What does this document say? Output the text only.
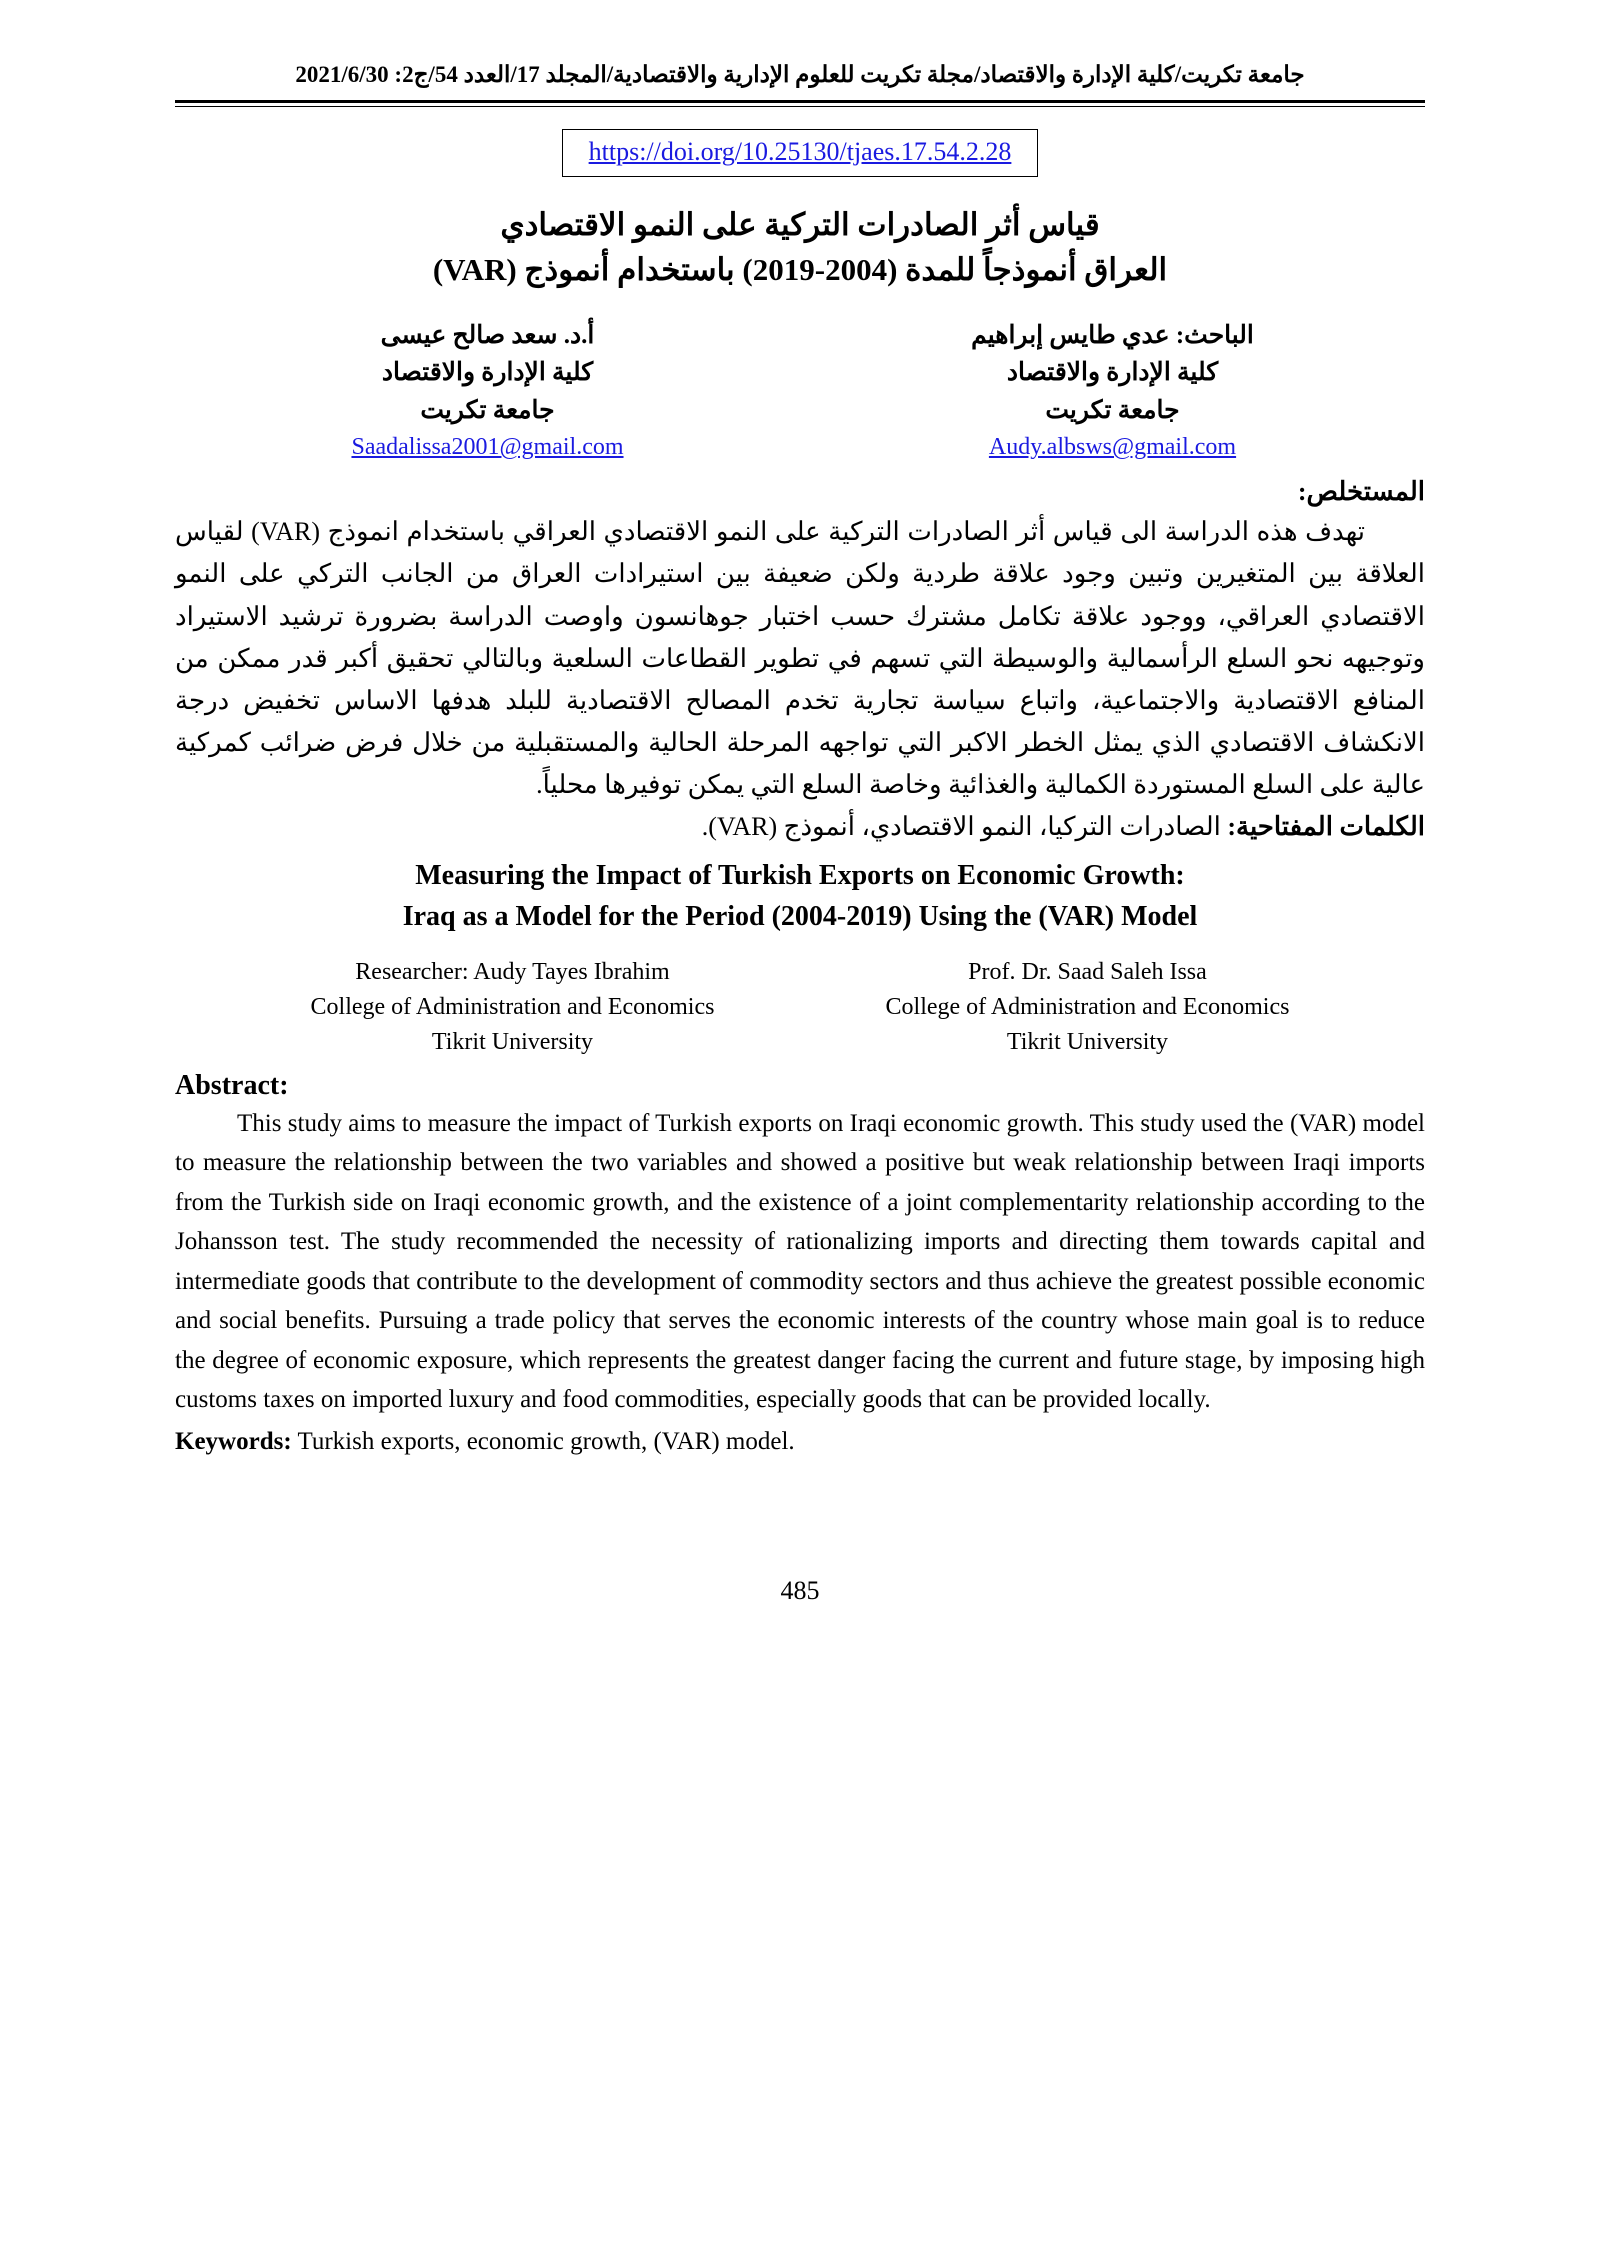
جامعة تكريت/كلية الإدارة والاقتصاد/مجلة تكريت للعلوم الإدارية والاقتصادية/المجلد 17/العدد 54/ج2: 2021/6/30
https://doi.org/10.25130/tjaes.17.54.2.28
قياس أثر الصادرات التركية على النمو الاقتصادي
العراق أنموذجاً للمدة (2004-2019) باستخدام أنموذج (VAR)
الباحث: عدي طايس إبراهيم
كلية الإدارة والاقتصاد
جامعة تكريت
Audy.albsws@gmail.com
أ.د. سعد صالح عيسى
كلية الإدارة والاقتصاد
جامعة تكريت
Saadalissa2001@gmail.com
المستخلص:
تهدف هذه الدراسة الى قياس أثر الصادرات التركية على النمو الاقتصادي العراقي باستخدام انموذج (VAR) لقياس العلاقة بين المتغيرين وتبين وجود علاقة طردية ولكن ضعيفة بين استيرادات العراق من الجانب التركي على النمو الاقتصادي العراقي، ووجود علاقة تكامل مشترك حسب اختبار جوهانسون واوصت الدراسة بضرورة ترشيد الاستيراد وتوجيهه نحو السلع الرأسمالية والوسيطة التي تسهم في تطوير القطاعات السلعية وبالتالي تحقيق أكبر قدر ممكن من المنافع الاقتصادية والاجتماعية، واتباع سياسة تجارية تخدم المصالح الاقتصادية للبلد هدفها الاساس تخفيض درجة الانكشاف الاقتصادي الذي يمثل الخطر الاكبر التي تواجهه المرحلة الحالية والمستقبلية من خلال فرض ضرائب كمركية عالية على السلع المستوردة الكمالية والغذائية وخاصة السلع التي يمكن توفيرها محلياً.
الكلمات المفتاحية: الصادرات التركيا، النمو الاقتصادي، أنموذج (VAR).
Measuring the Impact of Turkish Exports on Economic Growth:
Iraq as a Model for the Period (2004-2019) Using the (VAR) Model
Researcher: Audy Tayes Ibrahim
College of Administration and Economics
Tikrit University
Prof. Dr. Saad Saleh Issa
College of Administration and Economics
Tikrit University
Abstract:
This study aims to measure the impact of Turkish exports on Iraqi economic growth. This study used the (VAR) model to measure the relationship between the two variables and showed a positive but weak relationship between Iraqi imports from the Turkish side on Iraqi economic growth, and the existence of a joint complementarity relationship according to the Johansson test. The study recommended the necessity of rationalizing imports and directing them towards capital and intermediate goods that contribute to the development of commodity sectors and thus achieve the greatest possible economic and social benefits. Pursuing a trade policy that serves the economic interests of the country whose main goal is to reduce the degree of economic exposure, which represents the greatest danger facing the current and future stage, by imposing high customs taxes on imported luxury and food commodities, especially goods that can be provided locally.
Keywords: Turkish exports, economic growth, (VAR) model.
485
